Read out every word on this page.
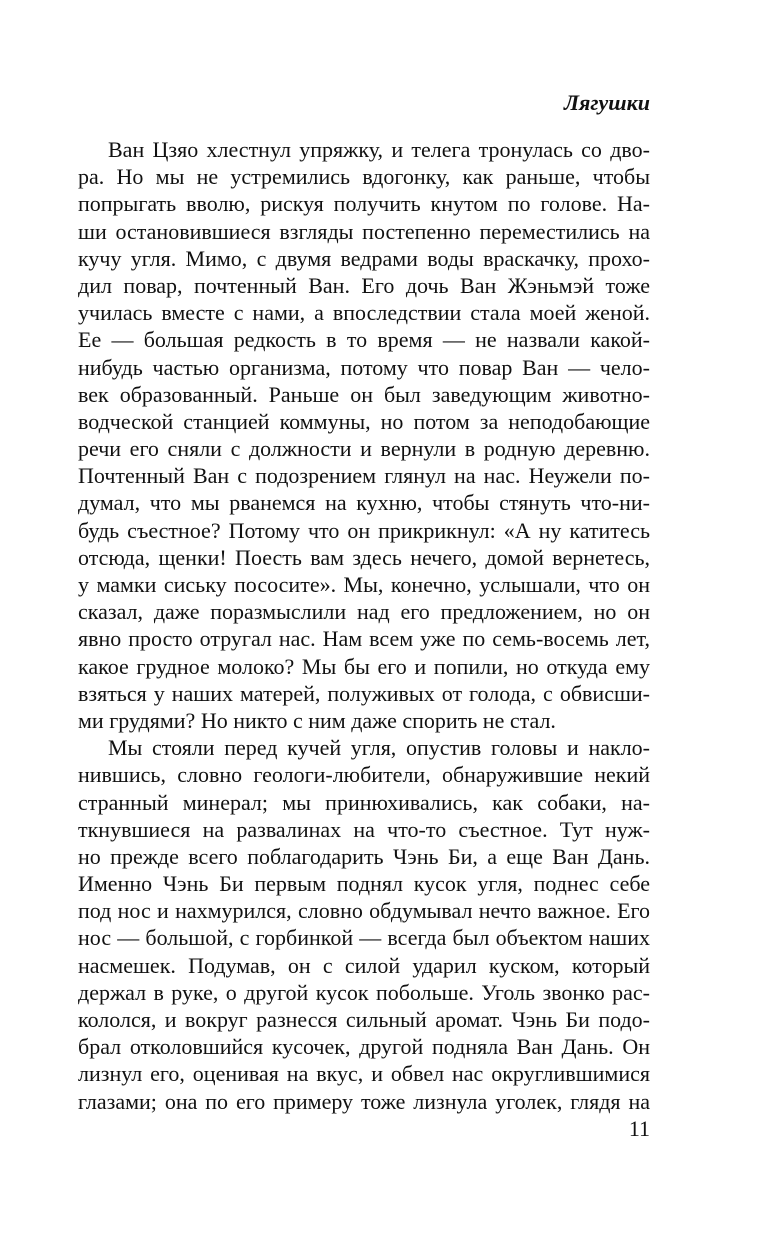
Лягушки
Ван Цзяо хлестнул упряжку, и телега тронулась со дво-
ра. Но мы не устремились вдогонку, как раньше, чтобы
попрыгать вволю, рискуя получить кнутом по голове. На-
ши остановившиеся взгляды постепенно переместились на
кучу угля. Мимо, с двумя ведрами воды враскачку, прохо-
дил повар, почтенный Ван. Его дочь Ван Жэньмэй тоже
училась вместе с нами, а впоследствии стала моей женой.
Ее — большая редкость в то время — не назвали какой-
нибудь частью организма, потому что повар Ван — чело-
век образованный. Раньше он был заведующим животно-
водческой станцией коммуны, но потом за неподобающие
речи его сняли с должности и вернули в родную деревню.
Почтенный Ван с подозрением глянул на нас. Неужели по-
думал, что мы рванемся на кухню, чтобы стянуть что-ни-
будь съестное? Потому что он прикрикнул: «А ну катитесь
отсюда, щенки! Поесть вам здесь нечего, домой вернетесь,
у мамки сиську пососите». Мы, конечно, услышали, что он
сказал, даже поразмыслили над его предложением, но он
явно просто отругал нас. Нам всем уже по семь-восемь лет,
какое грудное молоко? Мы бы его и попили, но откуда ему
взяться у наших матерей, полуживых от голода, с обвисши-
ми грудями? Но никто с ним даже спорить не стал.
Мы стояли перед кучей угля, опустив головы и накло-
нившись, словно геологи-любители, обнаружившие некий
странный минерал; мы принюхивались, как собаки, на-
ткнувшиеся на развалинах на что-то съестное. Тут нуж-
но прежде всего поблагодарить Чэнь Би, а еще Ван Дань.
Именно Чэнь Би первым поднял кусок угля, поднес себе
под нос и нахмурился, словно обдумывал нечто важное. Его
нос — большой, с горбинкой — всегда был объектом наших
насмешек. Подумав, он с силой ударил куском, который
держал в руке, о другой кусок побольше. Уголь звонко рас-
кололся, и вокруг разнесся сильный аромат. Чэнь Би подо-
брал отколовшийся кусочек, другой подняла Ван Дань. Он
лизнул его, оценивая на вкус, и обвел нас округлившимися
глазами; она по его примеру тоже лизнула уголек, глядя на
11
